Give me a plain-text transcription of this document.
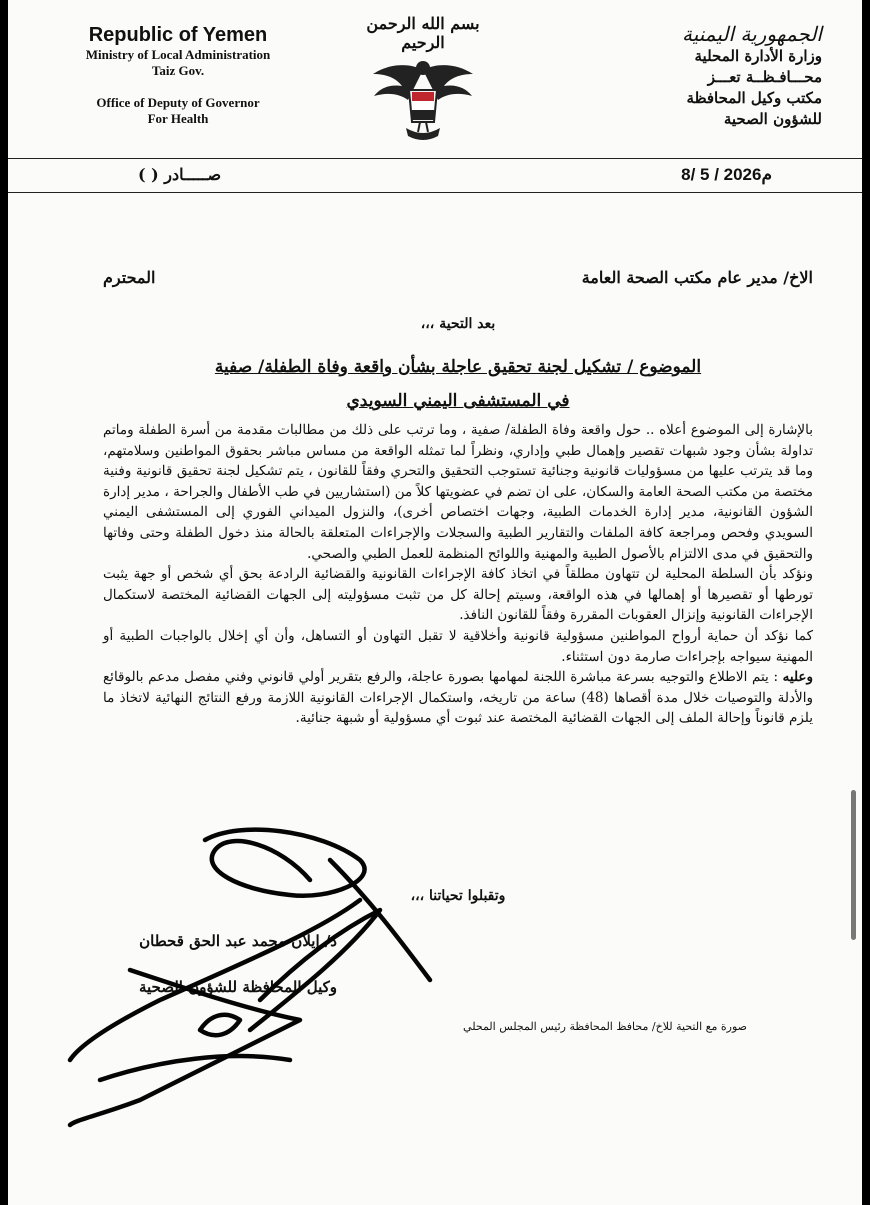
Republic of Yemen
Ministry of Local Administration
Taiz Gov.
Office of Deputy of Governor
For Health
بسم الله الرحمن الرحيم	الجمهورية اليمنية
وزارة الأدارة المحلية
محـــافـظــة تعـــز
مكتب وكيل المحافظة
للشؤون الصحية
8/ 5 / 2026م
صـــــادر ( )
الاخ/ مدير عام مكتب الصحة العامة
المحترم
بعد التحية ،،،
الموضوع / تشكيل لجنة تحقيق عاجلة بشأن واقعة وفاة الطفلة/ صفية
في المستشفى اليمني السويدي

بالإشارة إلى الموضوع أعلاه .. حول واقعة وفاة الطفلة/ صفية ، وما ترتب على ذلك من مطالبات مقدمة من أسرة الطفلة وماتم تداولة بشأن وجود شبهات تقصير وإهمال طبي وإداري، ونظراً لما تمثله الواقعة من مساس مباشر بحقوق المواطنين وسلامتهم، وما قد يترتب عليها من مسؤوليات قانونية وجنائية تستوجب التحقيق والتحري وفقاً للقانون ، يتم تشكيل لجنة تحقيق قانونية وفنية مختصة من مكتب الصحة العامة والسكان، على ان تضم في عضويتها كلاً من (استشاريين في طب الأطفال والجراحة ، مدير إدارة الشؤون القانونية، مدير إدارة الخدمات الطبية، وجهات اختصاص أخرى)، والنزول الميداني الفوري إلى المستشفى اليمني السويدي وفحص ومراجعة كافة الملفات والتقارير الطبية والسجلات والإجراءات المتعلقة بالحالة منذ دخول الطفلة وحتى وفاتها والتحقيق في مدى الالتزام بالأصول الطبية والمهنية واللوائح المنظمة للعمل الطبي والصحي.

ونؤكد بأن السلطة المحلية لن تتهاون مطلقاً في اتخاذ كافة الإجراءات القانونية والقضائية الرادعة بحق أي شخص أو جهة يثبت تورطها أو تقصيرها أو إهمالها في هذه الواقعة، وسيتم إحالة كل من تثبت مسؤوليته إلى الجهات القضائية المختصة لاستكمال الإجراءات القانونية وإنزال العقوبات المقررة وفقاً للقانون النافذ.

كما نؤكد أن حماية أرواح المواطنين مسؤولية قانونية وأخلاقية لا تقبل التهاون أو التساهل، وأن أي إخلال بالواجبات الطبية أو المهنية سيواجه بإجراءات صارمة دون استثناء.

وعليه : يتم الاطلاع والتوجيه بسرعة مباشرة اللجنة لمهامها بصورة عاجلة، والرفع بتقرير أولي قانوني وفني مفصل مدعم بالوقائع والأدلة والتوصيات خلال مدة أقصاها (48) ساعة من تاريخه، واستكمال الإجراءات القانونية اللازمة ورفع النتائج النهائية لاتخاذ ما يلزم قانوناً وإحالة الملف إلى الجهات القضائية المختصة عند ثبوت أي مسؤولية أو شبهة جنائية.

وتقبلوا تحياتنا ،،،
د/ إيلان محمد عبد الحق قحطان
وكيل المحافظة للشؤون الصحية
صورة مع التحية للاخ/ محافظ المحافظة رئيس المجلس المحلي
